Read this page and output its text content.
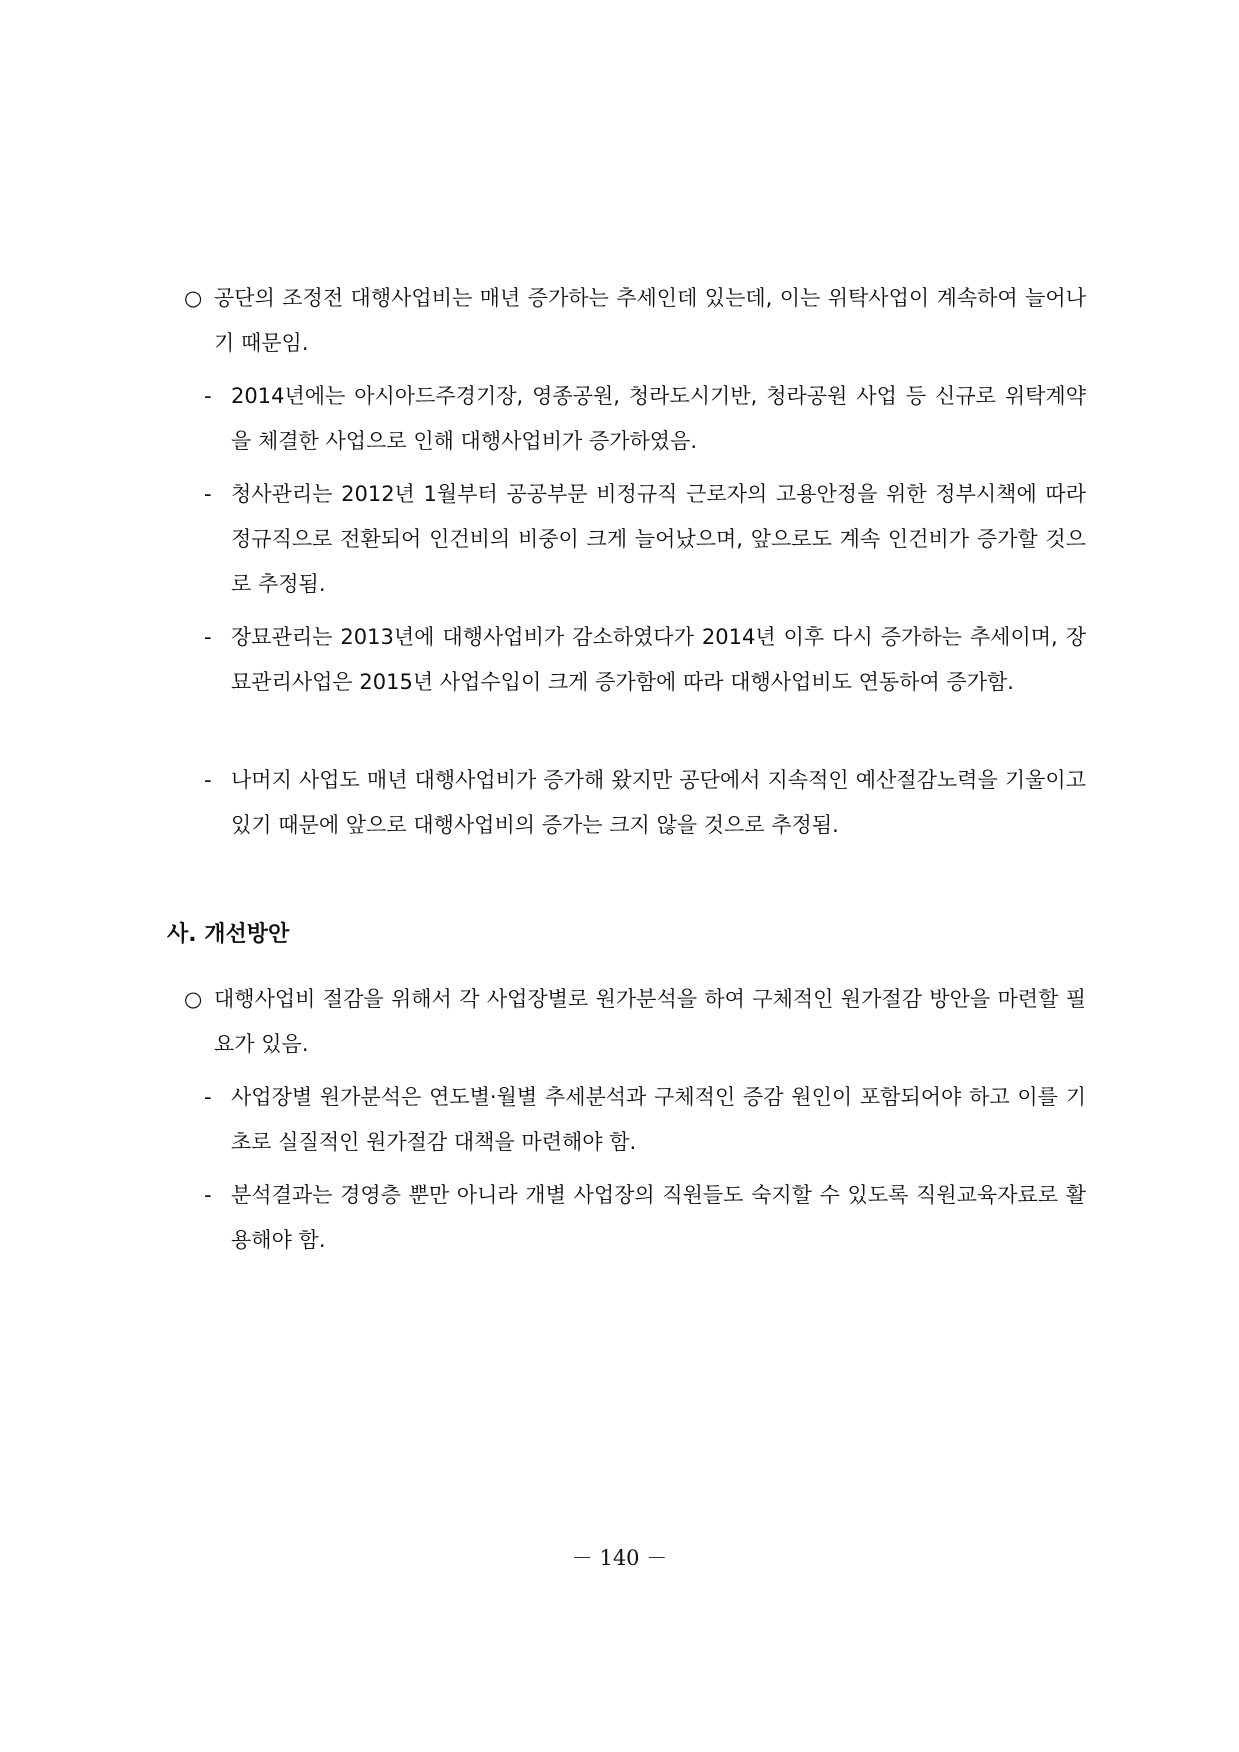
○ 공단의 조정전 대행사업비는 매년 증가하는 추세인데 있는데, 이는 위탁사업이 계속하여 늘어나기 때문임.
- 2014년에는 아시아드주경기장, 영종공원, 청라도시기반, 청라공원 사업 등 신규로 위탁계약을 체결한 사업으로 인해 대행사업비가 증가하였음.
- 청사관리는 2012년 1월부터 공공부문 비정규직 근로자의 고용안정을 위한 정부시책에 따라 정규직으로 전환되어 인건비의 비중이 크게 늘어났으며, 앞으로도 계속 인건비가 증가할 것으로 추정됨.
- 장묘관리는 2013년에 대행사업비가 감소하였다가 2014년 이후 다시 증가하는 추세이며, 장묘관리사업은 2015년 사업수입이 크게 증가함에 따라 대행사업비도 연동하여 증가함.
- 나머지 사업도 매년 대행사업비가 증가해 왔지만 공단에서 지속적인 예산절감노력을 기울이고 있기 때문에 앞으로 대행사업비의 증가는 크지 않을 것으로 추정됨.
사. 개선방안
○ 대행사업비 절감을 위해서 각 사업장별로 원가분석을 하여 구체적인 원가절감 방안을 마련할 필요가 있음.
- 사업장별 원가분석은 연도별·월별 추세분석과 구체적인 증감 원인이 포함되어야 하고 이를 기초로 실질적인 원가절감 대책을 마련해야 함.
- 분석결과는 경영층 뿐만 아니라 개별 사업장의 직원들도 숙지할 수 있도록 직원교육자료로 활용해야 함.
－ 140 －
